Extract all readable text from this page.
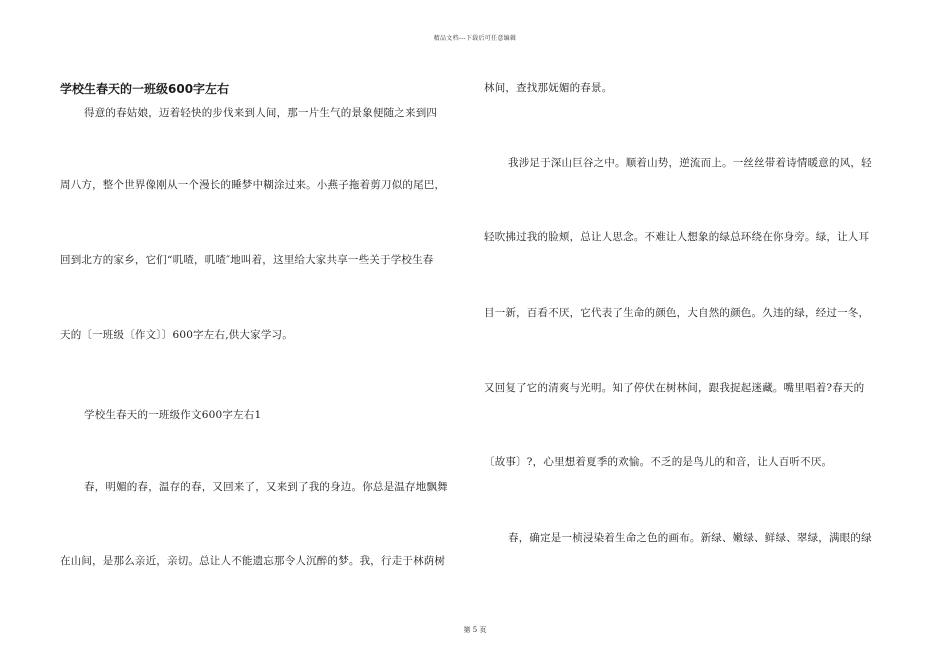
精品文档---下载后可任意编辑
学校生春天的一班级600字左右
得意的春姑娘，迈着轻快的步伐来到人间，那一片生气的景象便随之来到四
周八方，整个世界像刚从一个漫长的睡梦中糊涂过来。小燕子拖着剪刀似的尾巴，
回到北方的家乡，它们“叽喳，叽喳″地叫着，这里给大家共享一些关于学校生春
天的〔一班级〔作文〕〕600字左右,供大家学习。
学校生春天的一班级作文600字左右1
春，明媚的春，温存的春，又回来了，又来到了我的身边。你总是温存地飘舞
在山间，是那么亲近，亲切。总让人不能遗忘那令人沉醉的梦。我，行走于林荫树
林间，查找那妩媚的春景。
我涉足于深山巨谷之中。顺着山势，逆流而上。一丝丝带着诗情暖意的风，轻
轻吹拂过我的脸颊，总让人思念。不难让人想象的绿总环绕在你身旁。绿，让人耳
目一新，百看不厌，它代表了生命的颜色，大自然的颜色。久违的绿，经过一冬，
又回复了它的清爽与光明。知了停伏在树林间，跟我捉起迷藏。嘴里唱着?春天的
〔故事〕?，心里想着夏季的欢愉。不乏的是鸟儿的和音，让人百听不厌。
春，确定是一桢浸染着生命之色的画布。新绿、嫩绿、鲜绿、翠绿，满眼的绿
第 5 页
